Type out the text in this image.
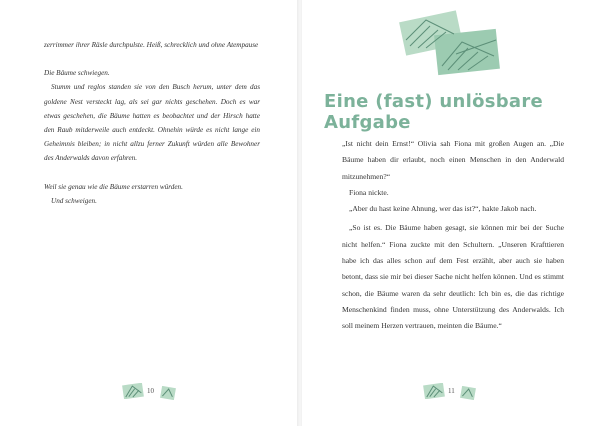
zerrimmer ihrer Räsle durchpulste. Heiß, schrecklich und ohne Atempause

Die Bäume schwiegen.

Stumm und reglos standen sie von den Busch herum, unter dem das goldene Nest versteckt lag, als sei gar nichts geschehen. Doch es war etwas geschehen, die Bäume hatten es beobachtet und der Hirsch hatte den Raub mitderweile auch entdeckt. Ohnehin würde es nicht lange ein Geheimnis bleiben; in nicht allzu ferner Zukunft würden alle Bewohner des Anderwalds davon erfahren.

Weil sie genau wie die Bäume erstarren würden.

Und schweigen.

10
Eine (fast) unlösbare Aufgabe

„Ist nicht dein Ernst!“ Olivia sah Fiona mit großen Augen an. „Die Bäume haben dir erlaubt, noch einen Menschen in den Anderwald mitzunehmen?“

Fiona nickte.

„Aber du hast keine Ahnung, wer das ist?“, hakte Jakob nach.

„So ist es. Die Bäume haben gesagt, sie können mir bei der Suche nicht helfen.“ Fiona zuckte mit den Schultern. „Unseren Krafttieren habe ich das alles schon auf dem Fest erzählt, aber auch sie haben betont, dass sie mir bei dieser Sache nicht helfen können. Und es stimmt schon, die Bäume waren da sehr deutlich: Ich bin es, die das richtige Menschenkind finden muss, ohne Unterstützung des Anderwalds. Ich soll meinem Herzen vertrauen, meinten die Bäume.“

11
